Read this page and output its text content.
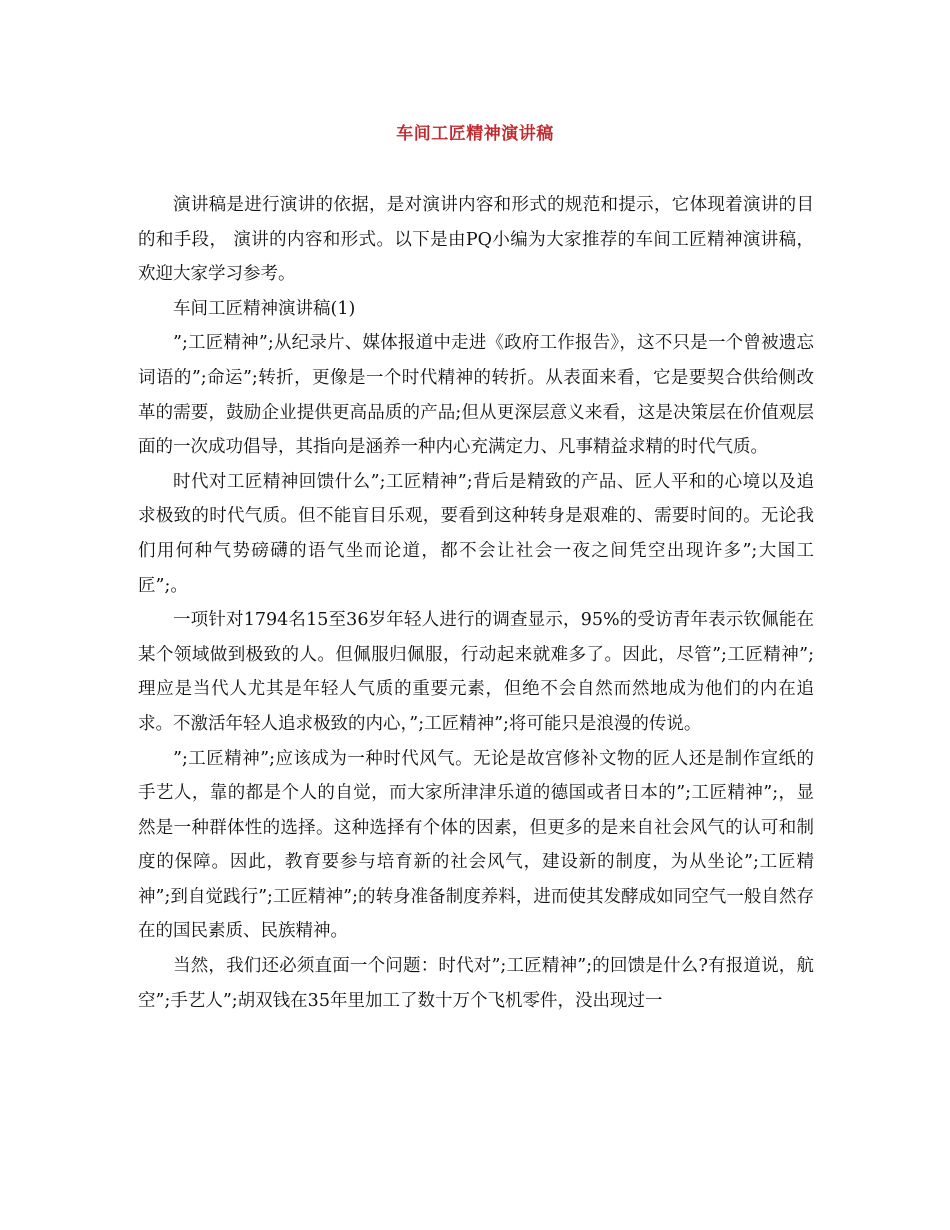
车间工匠精神演讲稿

演讲稿是进行演讲的依据，是对演讲内容和形式的规范和提示，它体现着演讲的目的和手段， 演讲的内容和形式。以下是由PQ小编为大家推荐的车间工匠精神演讲稿，欢迎大家学习参考。

车间工匠精神演讲稿(1)

”;工匠精神”;从纪录片、媒体报道中走进《政府工作报告》，这不只是一个曾被遗忘词语的”;命运”;转折，更像是一个时代精神的转折。从表面来看，它是要契合供给侧改革的需要，鼓励企业提供更高品质的产品;但从更深层意义来看，这是决策层在价值观层面的一次成功倡导，其指向是涵养一种内心充满定力、凡事精益求精的时代气质。

时代对工匠精神回馈什么”;工匠精神”;背后是精致的产品、匠人平和的心境以及追求极致的时代气质。但不能盲目乐观，要看到这种转身是艰难的、需要时间的。无论我们用何种气势磅礴的语气坐而论道，都不会让社会一夜之间凭空出现许多”;大国工匠”;。

一项针对1794名15至36岁年轻人进行的调查显示，95%的受访青年表示钦佩能在某个领域做到极致的人。但佩服归佩服，行动起来就难多了。因此，尽管”;工匠精神”;理应是当代人尤其是年轻人气质的重要元素，但绝不会自然而然地成为他们的内在追求。不激活年轻人追求极致的内心，”;工匠精神”;将可能只是浪漫的传说。

”;工匠精神”;应该成为一种时代风气。无论是故宫修补文物的匠人还是制作宣纸的手艺人，靠的都是个人的自觉，而大家所津津乐道的德国或者日本的”;工匠精神”;，显然是一种群体性的选择。这种选择有个体的因素，但更多的是来自社会风气的认可和制度的保障。因此，教育要参与培育新的社会风气，建设新的制度，为从坐论”;工匠精神”;到自觉践行”;工匠精神”;的转身准备制度养料，进而使其发酵成如同空气一般自然存在的国民素质、民族精神。

当然，我们还必须直面一个问题：时代对”;工匠精神”;的回馈是什么?有报道说，航空”;手艺人”;胡双钱在35年里加工了数十万个飞机零件，没出现过一
